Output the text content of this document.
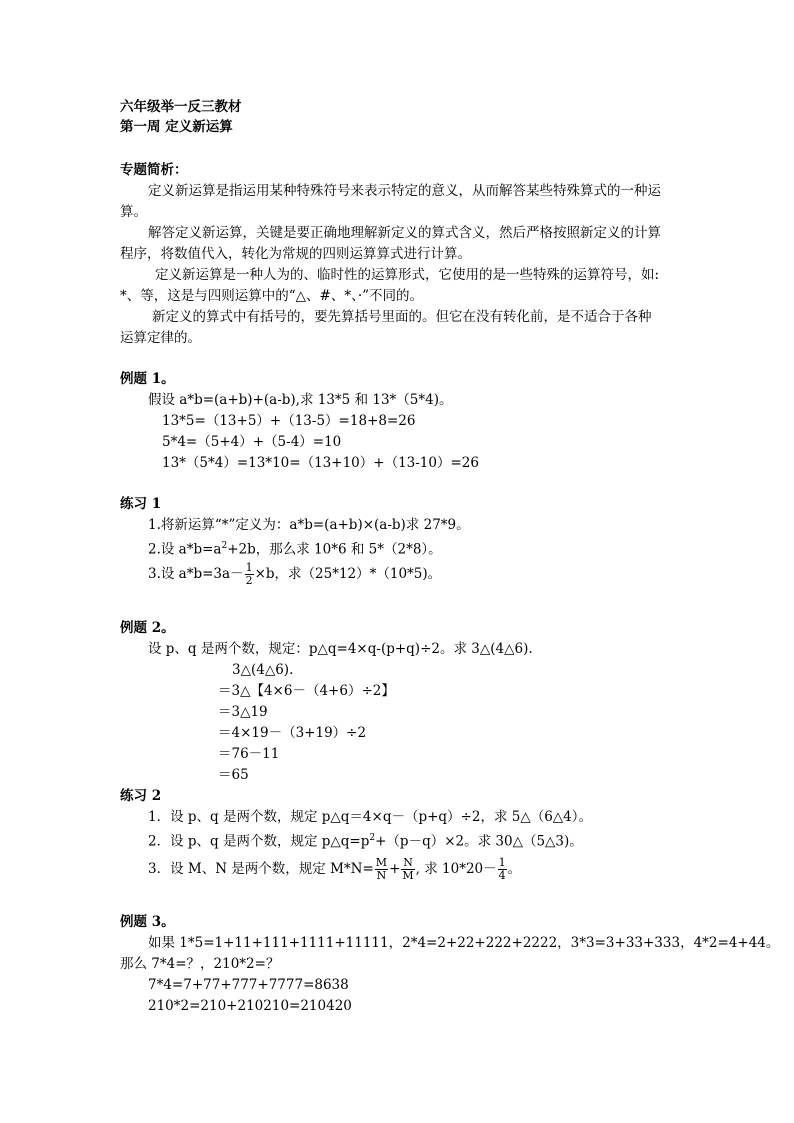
六年级举一反三教材
第一周 定义新运算
专题简析：
定义新运算是指运用某种特殊符号来表示特定的意义，从而解答某些特殊算式的一种运
算。
解答定义新运算，关键是要正确地理解新定义的算式含义，然后严格按照新定义的计算
程序，将数值代入，转化为常规的四则运算算式进行计算。
定义新运算是一种人为的、临时性的运算形式，它使用的是一些特殊的运算符号，如:
*、等，这是与四则运算中的“△、#、*、·”不同的。
新定义的算式中有括号的，要先算括号里面的。但它在没有转化前，是不适合于各种
运算定律的。
例题 1。
假设 a*b=(a+b)+(a-b),求 13*5 和 13*（5*4)。
13*5=（13+5）+（13-5）=18+8=26
5*4=（5+4）+（5-4）=10
13*（5*4）=13*10=（13+10）+（13-10）=26
练习 1
1.将新运算“*”定义为：a*b=(a+b)×(a-b)求 27*9。
2.设 $a*b=a^2+2b$，那么求 10*6 和 5*（2*8）。
3.设 $a*b=3a- \frac{1}{2} \times b$，求（25*12）*（10*5)。
例题 2。
设 p、q 是两个数，规定：p△q=4×q-(p+q)÷2。求 3△(4△6).
3△(4△6).
＝3△【4×6－（4+6）÷2】
＝3△19
＝4×19－（3+19）÷2
＝76－11
＝65
练习 2
1．设 p、q 是两个数，规定 p△q＝4×q－（p+q）÷2，求 5△（6△4）。
2．设 p、q 是两个数，规定 $p\triangle q=p^2+(p-q)\times 2$。求 30△（5△3)。
3．设 M、N 是两个数，规定 $M*N= \frac{M}{N} + \frac{N}{M}$ , 求 $10*20- \frac{1}{4}$ 。
例题 3。
如果 1*5=1+11+111+1111+11111，2*4=2+22+222+2222，3*3=3+33+333，4*2=4+44。
那么 7*4=？，210*2=？
7*4=7+77+777+7777=8638
210*2=210+210210=210420
